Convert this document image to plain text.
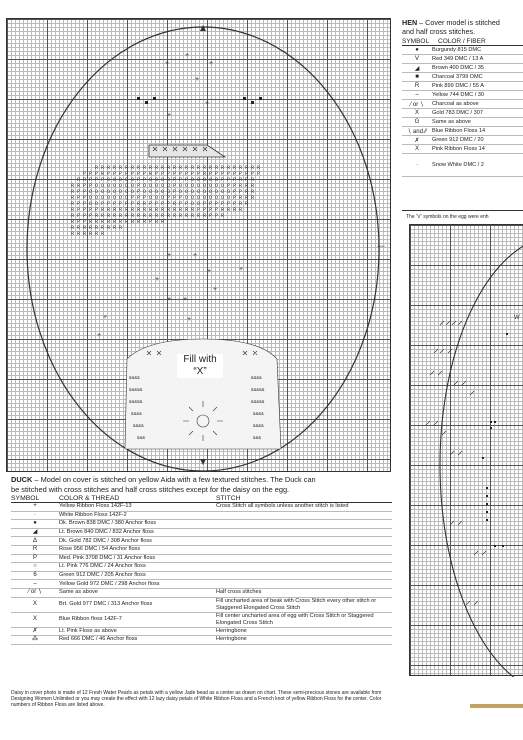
R R R R R R R R R R R R R R R R R R R R R R R R R R R R
P P P R P P P P P P P R P P P P P P P P R P P P P P P P P P
R R P P P O O O O O P P O O O O P P P O O O O O P P P R R R
R R P P O O O O O O O P O O O O O P O O O O O O O O P P R R R
R P P O O O O O O O O P O O O O O P O O O O O O O O O P P R R
R P P O O O O O O O P P P O O O P P P O O O O O O O O P R R R
R P P O O P P P P P P R R P P P P R P P O O P P P P P P R R
R P P P P R R R R R R R R R R R R R R R R P P P P R R R R
R P P P R R R R R R R R R R R R R R R R R R R P P R
R P P R R R R R R R R R R P R R
R R R R R R R R R
R R R R R R
+
+
+
+
+
+
+	+
+
+
+ +
+
+
+
+
+
&&&&
&&&&&
&&&&&
&&&&
&&&&
&&&
&&&&
&&&&&
&&&&&
&&&&
&&&&
&&&
Fill with
“X”
←
HEN – Cover model is stitched
and half cross stitches.
SYMBOL	COLOR / FIBER
●	Burgundy 815 DMC
V	Red 349 DMC / 13 A
◢	Brown 400 DMC / 35
■	Charcoal 3799 DMC
R	Pink 899 DMC / 55 A
–	Yellow 744 DMC / 30
⁄ or ∖	Charcoal as above
X	Gold 783 DMC / 307
G	Same as above
∖ and ⁄⁄ Blue Ribbon Floss 14
✗	Green 912 DMC / 20
X	Pink Ribbon Floss 14
·	Snow White DMC / 2
The “v” symbols on the egg were enh
W
DUCK – Model on cover is stitched on yellow Aida with a few textured stitches. The Duck can
be stitched with cross stitches and half cross stitches except for the daisy on the egg.
SYMBOL	COLOR & THREAD	STITCH
+	Yellow Ribbon Floss 142F-13	Cross Stitch all symbols unless another stitch is listed
·	White Ribbon Floss 142F-2	
●	Dk. Brown 838 DMC / 380 Anchor floss	
◢	Lt. Brown 840 DMC / 832 Anchor floss	
Δ	Dk. Gold 782 DMC / 308 Anchor floss	
R	Rose 956 DMC / 54 Anchor floss	
P	Med. Pink 3708 DMC / 31 Anchor floss	
○	Lt. Pink 776 DMC / 24 Anchor floss	
6	Green 912 DMC / 205 Anchor floss	
–	Yellow Gold 972 DMC / 298 Anchor floss	
⁄ or ∖	Same as above	Half cross stitches
X	Brt. Gold 977 DMC / 313 Anchor floss	Fill uncharted area of beak with Cross Stitch every other stitch or Staggered Elongated Cross Stitch
X	Blue Ribbon floss 142F-7	Fill center uncharted area of egg with Cross Stitch or Staggered Elongated Cross Stitch
✗	Lt. Pink Floss as above	Herringbone
⁂	Red 666 DMC / 46 Anchor floss	Herringbone
Daisy in cover photo is made of 12 Fresh Water Pearls as petals with a yellow Jade bead as a center as drawn on chart. These semi-precious stones are available from Designing Women Unlimited or you may create the effect with 12 lazy daisy petals of White Ribbon Floss and a French knot of yellow Ribbon Floss for the center. Color numbers of Ribbon Floss are listed above.
